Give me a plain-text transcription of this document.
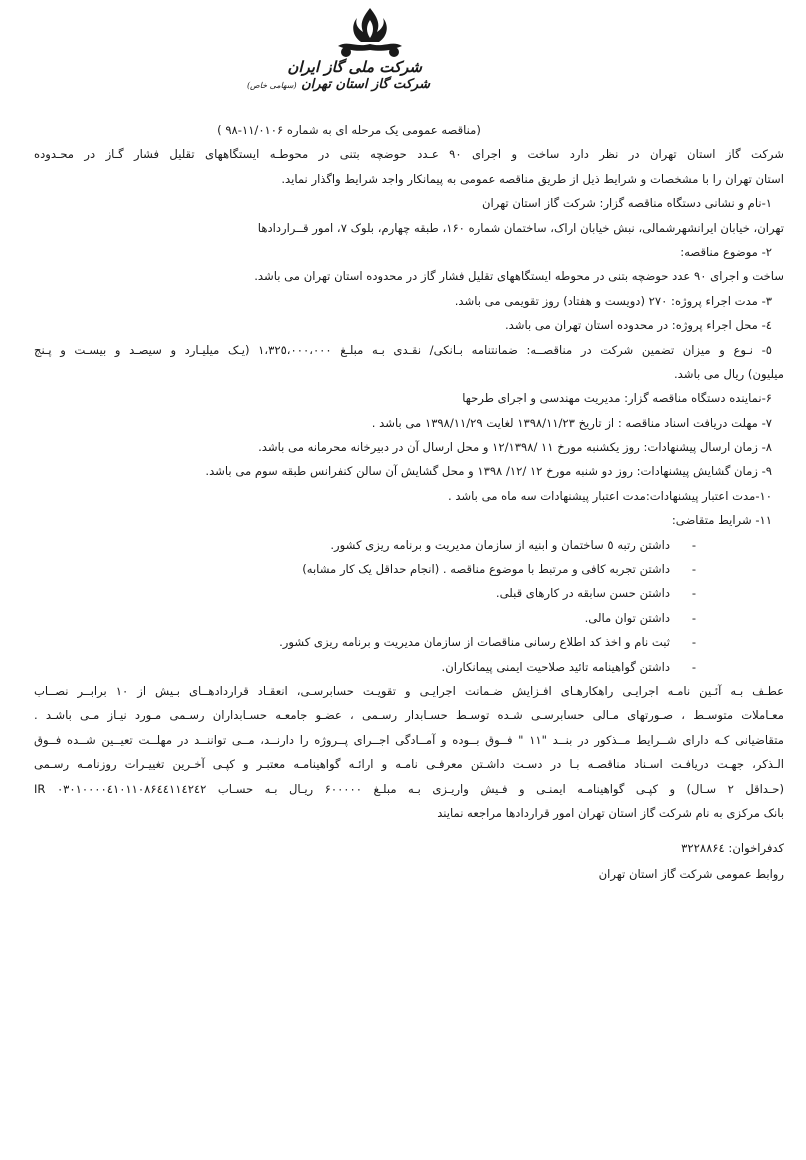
شرکت ملی گاز ایران
شرکت گاز استان تهران (سهامی خاص)
(مناقصه عمومی یک مرحله ای به شماره ۱۱/۰۱۰۶-۹۸ )
شرکت گاز استان تهران در نظر دارد ساخت و اجرای ۹۰ عـدد حوضچه بتنی در محوطـه ایستگاههای تقلیل فشار گـاز در محـدوده
استان تهران را با مشخصات و شرایط ذیل از طریق مناقصه عمومی به پیمانکار واجد شرایط واگذار نماید.
۱-نام و نشانی دستگاه مناقصه گزار: شرکت گاز استان تهران
تهران، خیابان ایرانشهرشمالی، نبش خیابان اراک، ساختمان شماره ۱۶۰، طبقه چهارم، بلوک ۷، امور قــراردادها
۲- موضوع مناقصه:
ساخت و اجرای ۹۰ عدد حوضچه بتنی در محوطه ایستگاههای تقلیل فشار گاز در محدوده استان تهران می باشد.
۳- مدت اجراء پروژه: ۲۷۰ (دویست و هفتاد) روز تقویمی می باشد.
٤- محل اجراء پروژه: در محدوده استان تهران می باشد.
٥- نـوع و میزان تضمین شرکت در مناقصــه: ضمانتنامه بـانکی/ نقـدی بـه مبلـغ ۱،۳۲٥،۰۰۰،۰۰۰ (یـک میلیـارد و سیصـد و بیسـت و پـنج
میلیون) ریال می باشد.
۶-نماینده دستگاه مناقصه گزار: مدیریت مهندسی و اجرای طرحها
۷- مهلت دریافت اسناد مناقصه : از تاریخ ۱۳۹۸/۱۱/۲۳ لغایت ۱۳۹۸/۱۱/۲۹ می باشد .
۸- زمان ارسال پیشنهادات: روز یکشنبه مورخ ۱۱ /۱۲/۱۳۹۸ و محل ارسال آن در دبیرخانه محرمانه می باشد.
۹- زمان گشایش پیشنهادات: روز دو شنبه مورخ ۱۲ /۱۲/ ۱۳۹۸ و محل گشایش آن سالن کنفرانس طبقه سوم می باشد.
۱۰-مدت اعتبار پیشنهادات:مدت اعتبار پیشنهادات سه ماه می باشد .
۱۱- شرایط متقاضی:
-داشتن رتبه ٥ ساختمان و ابنیه از سازمان مدیریت و برنامه ریزی کشور.
-داشتن تجربه کافی و مرتبط با موضوع مناقصه . (انجام حداقل یک کار مشابه)
-داشتن حسن سابقه در کارهای قبلی.
-داشتن توان مالی.
-ثبت نام و اخذ کد اطلاع رسانی مناقصات از سازمان مدیریت و برنامه ریزی کشور.
-داشتن گواهینامه تائید صلاحیت ایمنی پیمانکاران.
عطـف بـه آئـین نامـه اجرایـی راهکارهـای افـزایش ضـمانت اجرایـی و تقویـت حسابرسـی، انعقـاد قراردادهــای بـیش از ۱۰ برابــر نصــاب
معـاملات متوسـط ، صـورتهای مـالی حسابرسـی شـده توسـط حسـابدار رسـمی ، عضـو جامعـه حسـابداران رسـمی مـورد نیـاز مـی باشـد .
متقاضیانی کـه دارای شــرایط مــذکور در بنــد "۱۱ " فــوق بــوده و آمــادگی اجــرای پــروژه را دارنــد، مــی تواننــد در مهلــت تعیــین شــده فــوق
الـذکر، جهـت دریافـت اسـناد مناقصـه بـا در دسـت داشـتن معرفـی نامـه و ارائـه گواهینامـه معتبـر و کپـی آخـرین تغییـرات روزنامـه رسـمی
(حـداقل ۲ سـال) و کپـی گواهینامـه ایمنـی و فـیش واریـزی بـه مبلـغ ۶۰۰۰۰۰ ریـال بـه حسـاب IR ۰۳۰۱۰۰۰۰٤۱۰۱۱۰۸۶٤٤۱۱٤۲٤۲
بانک مرکزی به نام شرکت گاز استان تهران امور قراردادها مراجعه نمایند
کدفراخوان: ۳۲۲۸۸۶٤
روابط عمومی شرکت گاز استان تهران
